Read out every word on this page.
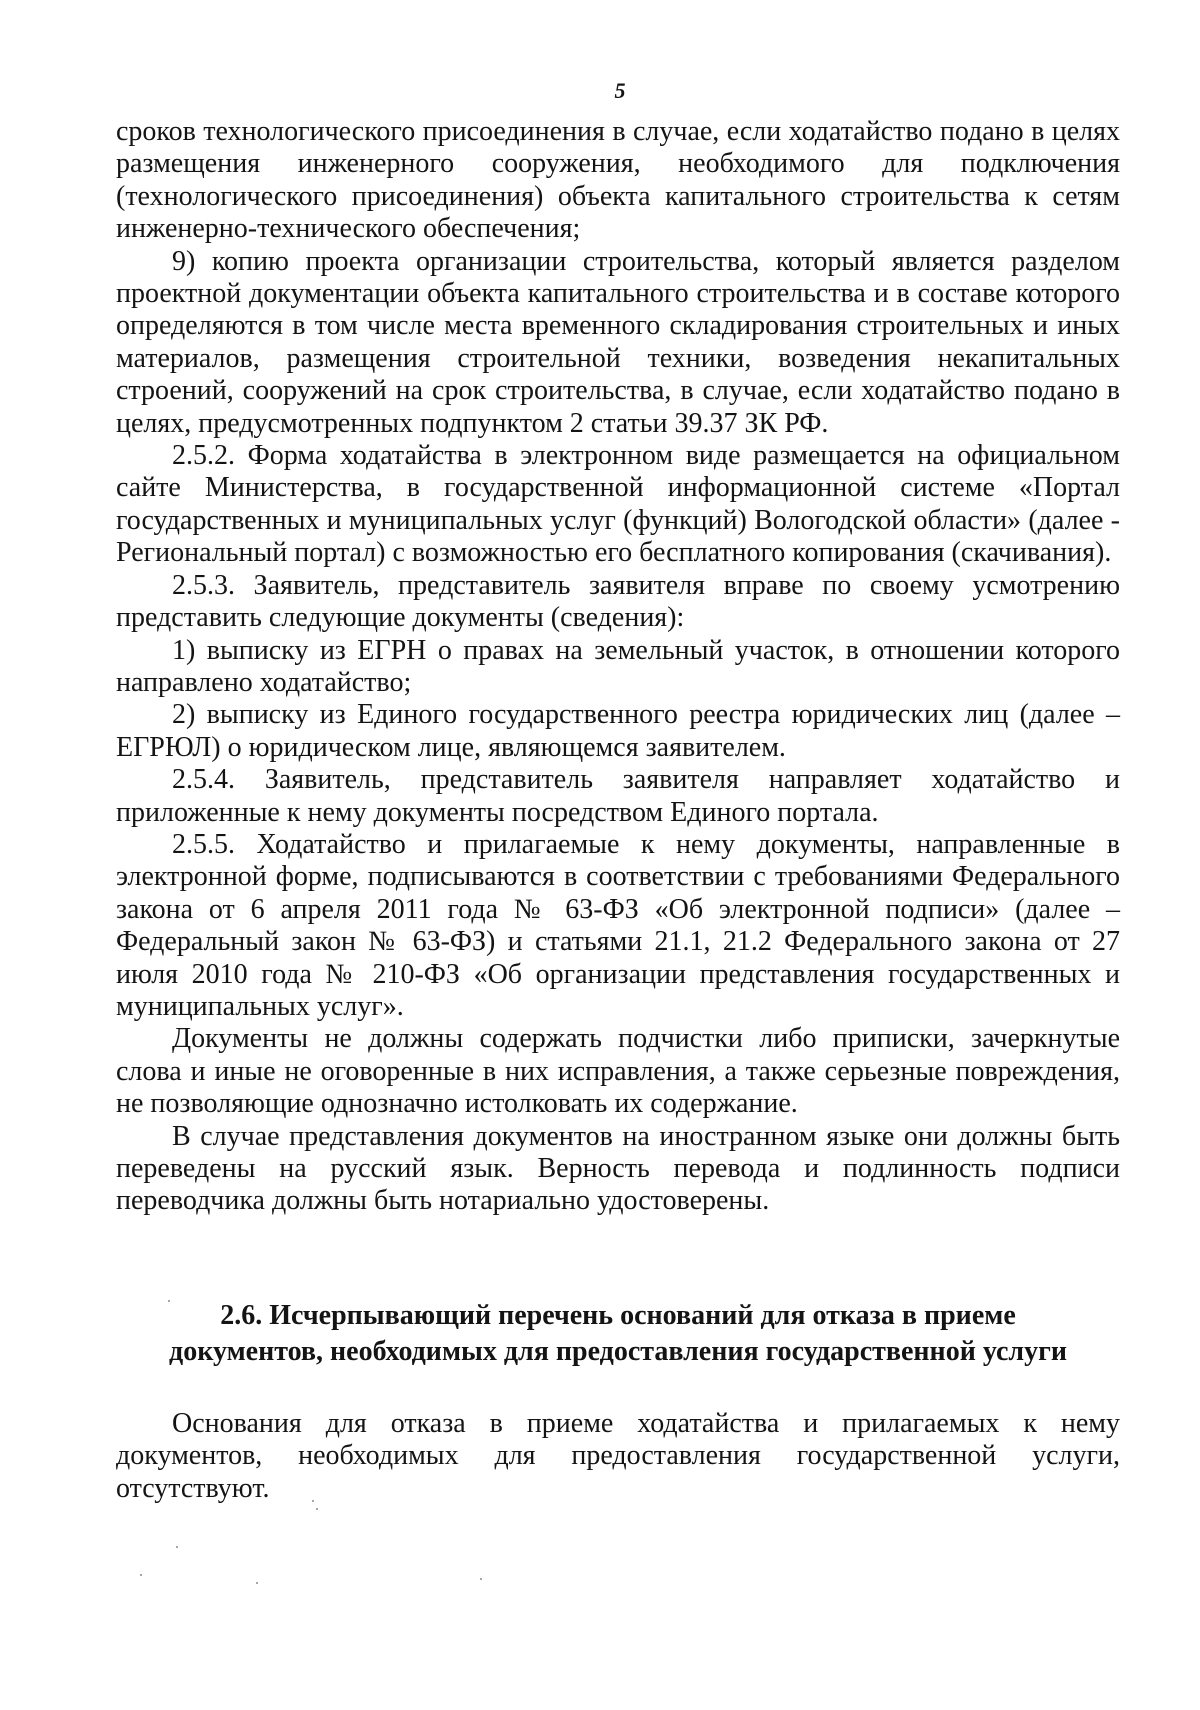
5

сроков технологического присоединения в случае, если ходатайство подано в целях размещения инженерного сооружения, необходимого для подключения (технологического присоединения) объекта капитального строительства к сетям инженерно-технического обеспечения;

9) копию проекта организации строительства, который является разделом проектной документации объекта капитального строительства и в составе которого определяются в том числе места временного складирования строительных и иных материалов, размещения строительной техники, возведения некапитальных строений, сооружений на срок строительства, в случае, если ходатайство подано в целях, предусмотренных подпунктом 2 статьи 39.37 ЗК РФ.

2.5.2. Форма ходатайства в электронном виде размещается на официальном сайте Министерства, в государственной информационной системе «Портал государственных и муниципальных услуг (функций) Вологодской области» (далее - Региональный портал) с возможностью его бесплатного копирования (скачивания).

2.5.3. Заявитель, представитель заявителя вправе по своему усмотрению представить следующие документы (сведения):

1) выписку из ЕГРН о правах на земельный участок, в отношении которого направлено ходатайство;

2) выписку из Единого государственного реестра юридических лиц (далее – ЕГРЮЛ) о юридическом лице, являющемся заявителем.

2.5.4. Заявитель, представитель заявителя направляет ходатайство и приложенные к нему документы посредством Единого портала.

2.5.5. Ходатайство и прилагаемые к нему документы, направленные в электронной форме, подписываются в соответствии с требованиями Федерального закона от 6 апреля 2011 года № 63-ФЗ «Об электронной подписи» (далее – Федеральный закон № 63-ФЗ) и статьями 21.1, 21.2 Федерального закона от 27 июля 2010 года № 210-ФЗ «Об организации представления государственных и муниципальных услуг».

Документы не должны содержать подчистки либо приписки, зачеркнутые слова и иные не оговоренные в них исправления, а также серьезные повреждения, не позволяющие однозначно истолковать их содержание.

В случае представления документов на иностранном языке они должны быть переведены на русский язык. Верность перевода и подлинность подписи переводчика должны быть нотариально удостоверены.

2.6. Исчерпывающий перечень оснований для отказа в приеме
документов, необходимых для предоставления государственной услуги

Основания для отказа в приеме ходатайства и прилагаемых к нему документов, необходимых для предоставления государственной услуги, отсутствуют.
